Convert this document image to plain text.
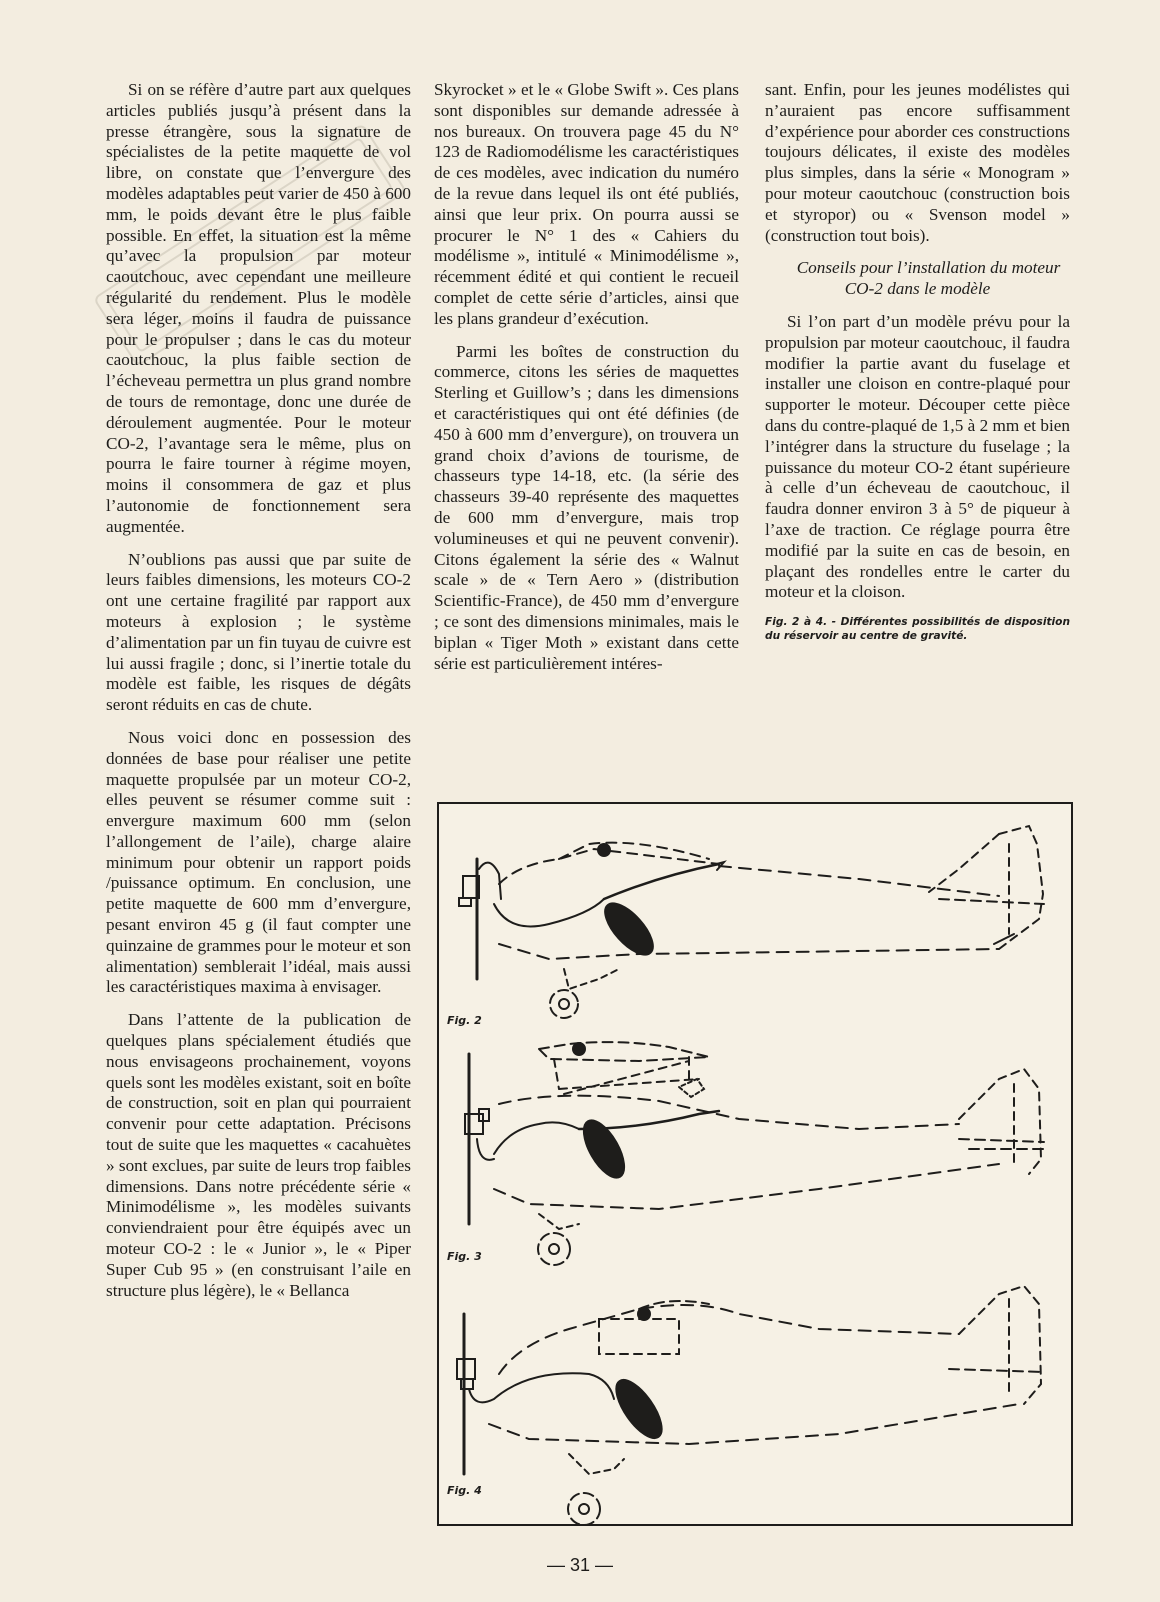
Si on se réfère d’autre part aux quelques articles publiés jusqu’à présent dans la presse étrangère, sous la signature de spécialistes de la petite maquette de vol libre, on constate que l’envergure des modèles adaptables peut varier de 450 à 600 mm, le poids devant être le plus faible possible. En effet, la situation est la même qu’avec la propulsion par moteur caoutchouc, avec cependant une meilleure régularité du rendement. Plus le modèle sera léger, moins il faudra de puissance pour le propulser ; dans le cas du moteur caoutchouc, la plus faible section de l’écheveau permettra un plus grand nombre de tours de remontage, donc une durée de déroulement augmentée. Pour le moteur CO-2, l’avantage sera le même, plus on pourra le faire tourner à régime moyen, moins il consommera de gaz et plus l’autonomie de fonctionnement sera augmentée.

N’oublions pas aussi que par suite de leurs faibles dimensions, les moteurs CO-2 ont une certaine fragilité par rapport aux moteurs à explosion ; le système d’alimentation par un fin tuyau de cuivre est lui aussi fragile ; donc, si l’inertie totale du modèle est faible, les risques de dégâts seront réduits en cas de chute.

Nous voici donc en possession des données de base pour réaliser une petite maquette propulsée par un moteur CO-2, elles peuvent se résumer comme suit : envergure maximum 600 mm (selon l’allongement de l’aile), charge alaire minimum pour obtenir un rapport poids /puissance optimum. En conclusion, une petite maquette de 600 mm d’envergure, pesant environ 45 g (il faut compter une quinzaine de grammes pour le moteur et son alimentation) semblerait l’idéal, mais aussi les caractéristiques maxima à envisager.

Dans l’attente de la publication de quelques plans spécialement étudiés que nous envisageons prochainement, voyons quels sont les modèles existant, soit en boîte de construction, soit en plan qui pourraient convenir pour cette adaptation. Précisons tout de suite que les maquettes « cacahuètes » sont exclues, par suite de leurs trop faibles dimensions. Dans notre précédente série « Minimodélisme », les modèles suivants conviendraient pour être équipés avec un moteur CO-2 : le « Junior », le « Piper Super Cub 95 » (en construisant l’aile en structure plus légère), le « Bellanca

Skyrocket » et le « Globe Swift ». Ces plans sont disponibles sur demande adressée à nos bureaux. On trouvera page 45 du N° 123 de Radiomodélisme les caractéristiques de ces modèles, avec indication du numéro de la revue dans lequel ils ont été publiés, ainsi que leur prix. On pourra aussi se procurer le N° 1 des « Cahiers du modélisme », intitulé « Minimodélisme », récemment édité et qui contient le recueil complet de cette série d’articles, ainsi que les plans grandeur d’exécution.

Parmi les boîtes de construction du commerce, citons les séries de maquettes Sterling et Guillow’s ; dans les dimensions et caractéristiques qui ont été définies (de 450 à 600 mm d’envergure), on trouvera un grand choix d’avions de tourisme, de chasseurs type 14-18, etc. (la série des chasseurs 39-40 représente des maquettes de 600 mm d’envergure, mais trop volumineuses et qui ne peuvent convenir). Citons également la série des « Walnut scale » de « Tern Aero » (distribution Scientific-France), de 450 mm d’envergure ; ce sont des dimensions minimales, mais le biplan « Tiger Moth » existant dans cette série est particulièrement intéres-

sant. Enfin, pour les jeunes modélistes qui n’auraient pas encore suffisamment d’expérience pour aborder ces constructions toujours délicates, il existe des modèles plus simples, dans la série « Monogram » pour moteur caoutchouc (construction bois et styropor) ou « Svenson model » (construction tout bois).

Conseils pour l’installation du moteur CO-2 dans le modèle

Si l’on part d’un modèle prévu pour la propulsion par moteur caoutchouc, il faudra modifier la partie avant du fuselage et installer une cloison en contre-plaqué pour supporter le moteur. Découper cette pièce dans du contre-plaqué de 1,5 à 2 mm et bien l’intégrer dans la structure du fuselage ; la puissance du moteur CO-2 étant supérieure à celle d’un écheveau de caoutchouc, il faudra donner environ 3 à 5° de piqueur à l’axe de traction. Ce réglage pourra être modifié par la suite en cas de besoin, en plaçant des rondelles entre le carter du moteur et la cloison.

Fig. 2 à 4. - Différentes possibilités de disposition du réservoir au centre de gravité.

Fig. 2
Fig. 3
Fig. 4
— 31 —
